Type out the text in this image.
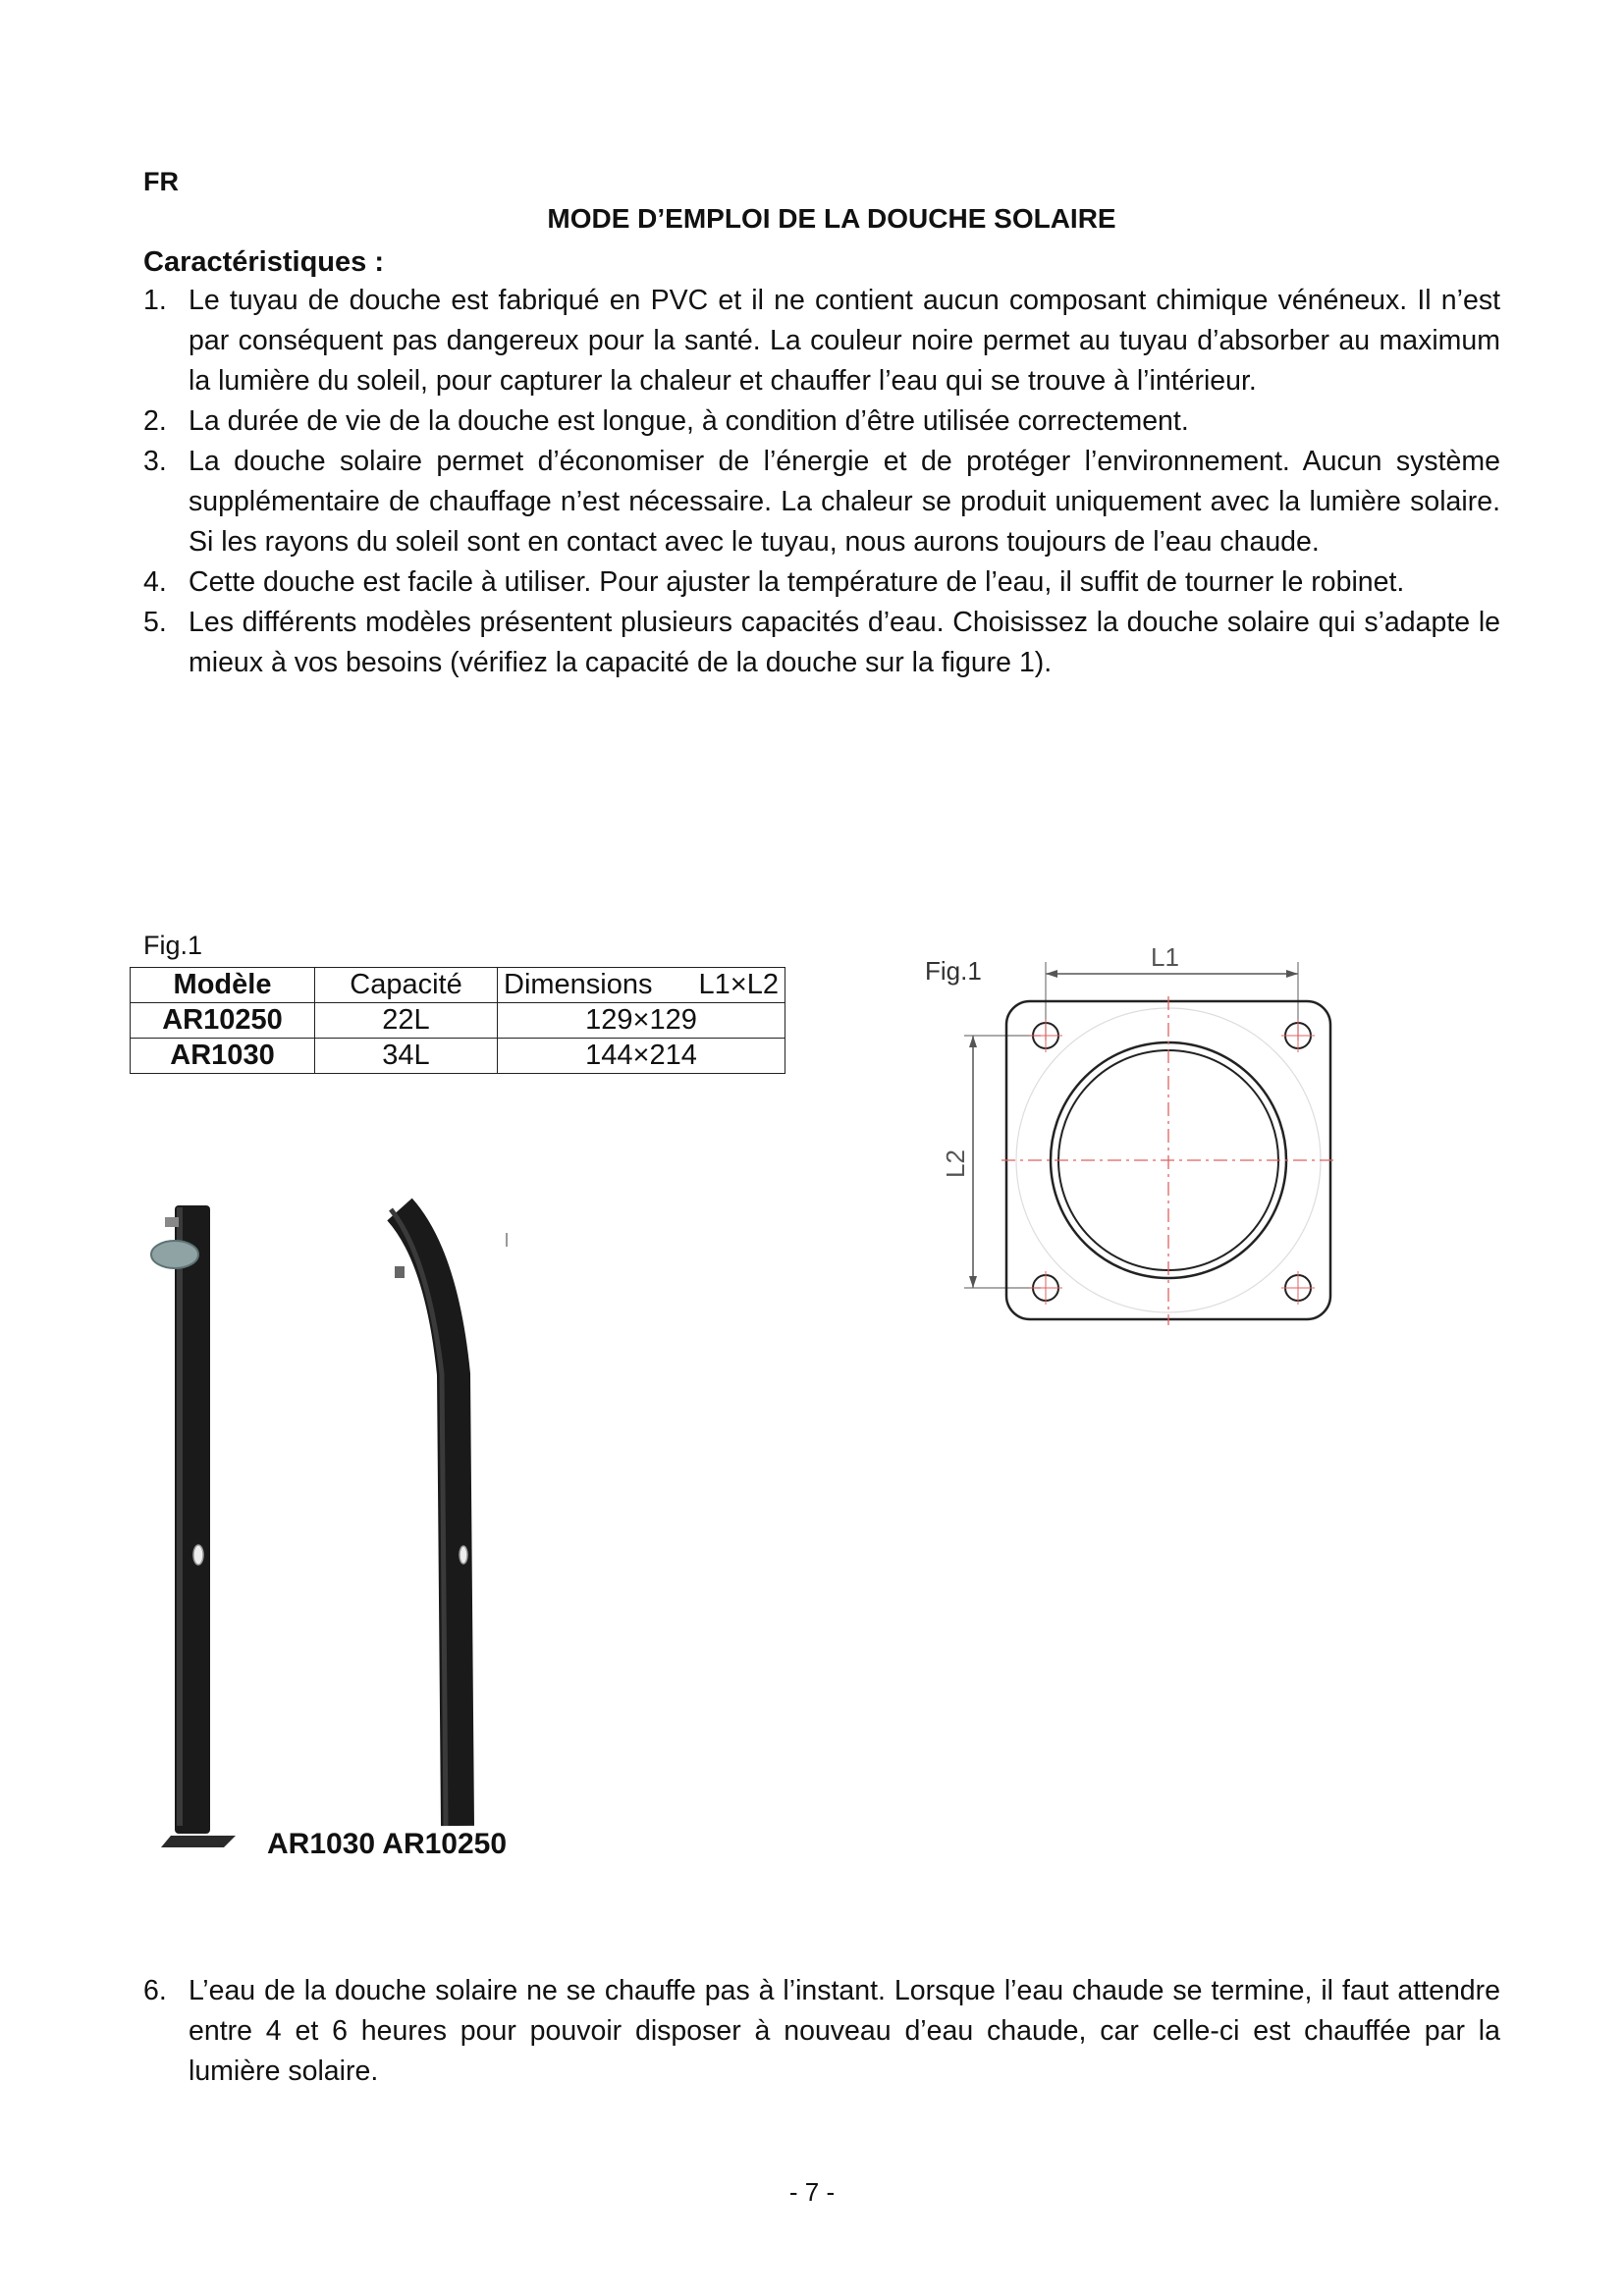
FR
MODE D’EMPLOI DE LA DOUCHE SOLAIRE
Caractéristiques :
1. Le tuyau de douche est fabriqué en PVC et il ne contient aucun composant chimique vénéneux. Il n’est par conséquent pas dangereux pour la santé. La couleur noire permet au tuyau d’absorber au maximum la lumière du soleil, pour capturer la chaleur et chauffer l’eau qui se trouve à l’intérieur.
2. La durée de vie de la douche est longue, à condition d’être utilisée correctement.
3. La douche solaire permet d’économiser de l’énergie et de protéger l’environnement. Aucun système supplémentaire de chauffage n’est nécessaire. La chaleur se produit uniquement avec la lumière solaire. Si les rayons du soleil sont en contact avec le tuyau, nous aurons toujours de l’eau chaude.
4. Cette douche est facile à utiliser. Pour ajuster la température de l’eau, il suffit de tourner le robinet.
5. Les différents modèles présentent plusieurs capacités d’eau. Choisissez la douche solaire qui s’adapte le mieux à vos besoins (vérifiez la capacité de la douche sur la figure 1).
Fig.1
Modèle	Capacité	Dimensions L1×L2

AR10250	22L	129×129
AR1030	34L	144×214
Fig.1	L1
L2
AR1030 AR10250
6. L’eau de la douche solaire ne se chauffe pas à l’instant. Lorsque l’eau chaude se termine, il faut attendre entre 4 et 6 heures pour pouvoir disposer à nouveau d’eau chaude, car celle-ci est chauffée par la lumière solaire.
- 7 -
